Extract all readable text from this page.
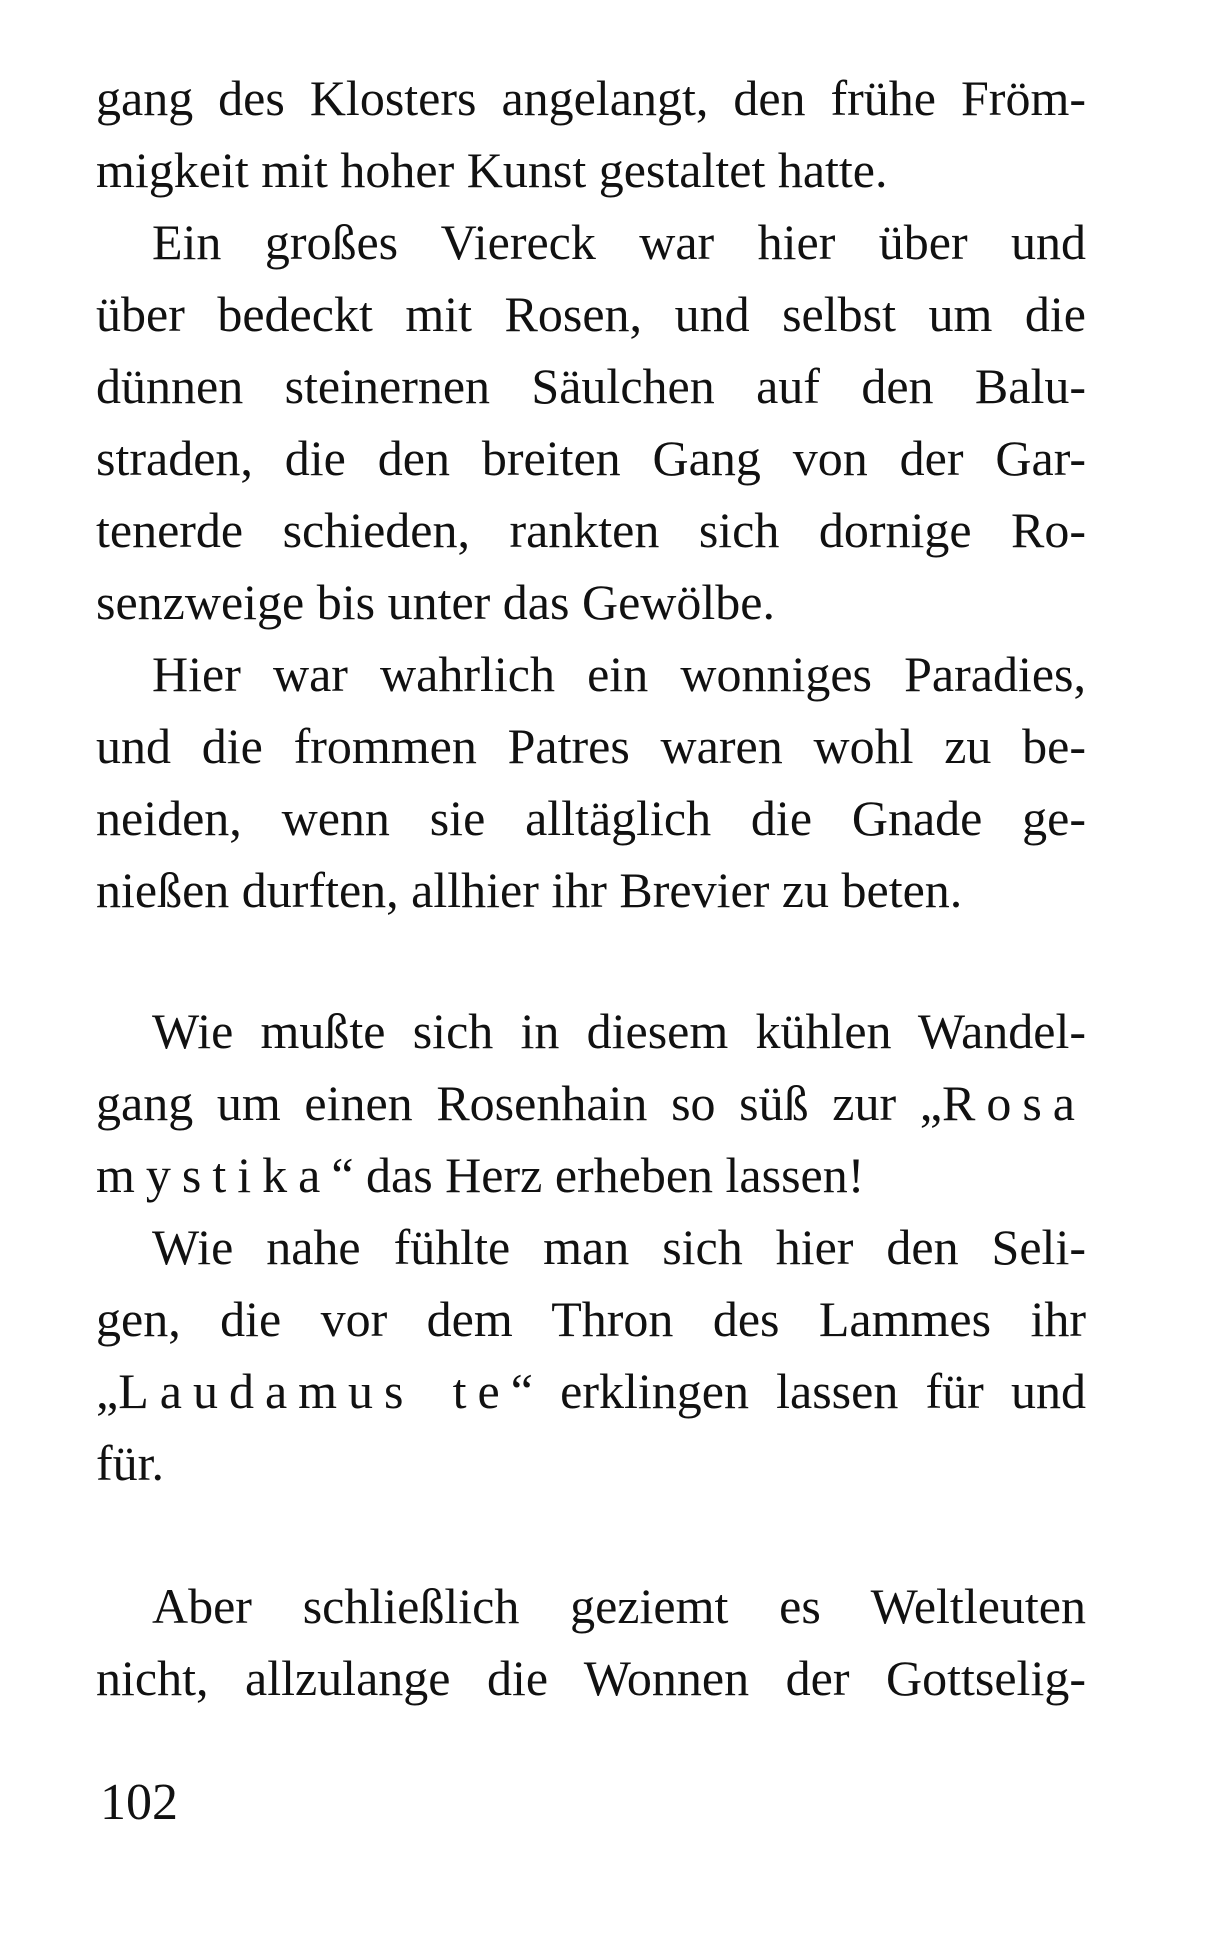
gang des Klosters angelangt, den frühe Fröm-
migkeit mit hoher Kunst gestaltet hatte.
Ein großes Viereck war hier über und
über bedeckt mit Rosen, und selbst um die
dünnen steinernen Säulchen auf den Balu-
straden, die den breiten Gang von der Gar-
tenerde schieden, rankten sich dornige Ro-
senzweige bis unter das Gewölbe.
Hier war wahrlich ein wonniges Paradies,
und die frommen Patres waren wohl zu be-
neiden, wenn sie alltäglich die Gnade ge-
nießen durften, allhier ihr Brevier zu beten.
Wie mußte sich in diesem kühlen Wandel-
gang um einen Rosenhain so süß zur „Rosa
mystika“ das Herz erheben lassen!
Wie nahe fühlte man sich hier den Seli-
gen, die vor dem Thron des Lammes ihr
„Laudamus te“ erklingen lassen für und
für.
Aber schließlich geziemt es Weltleuten
nicht, allzulange die Wonnen der Gottselig-
102
